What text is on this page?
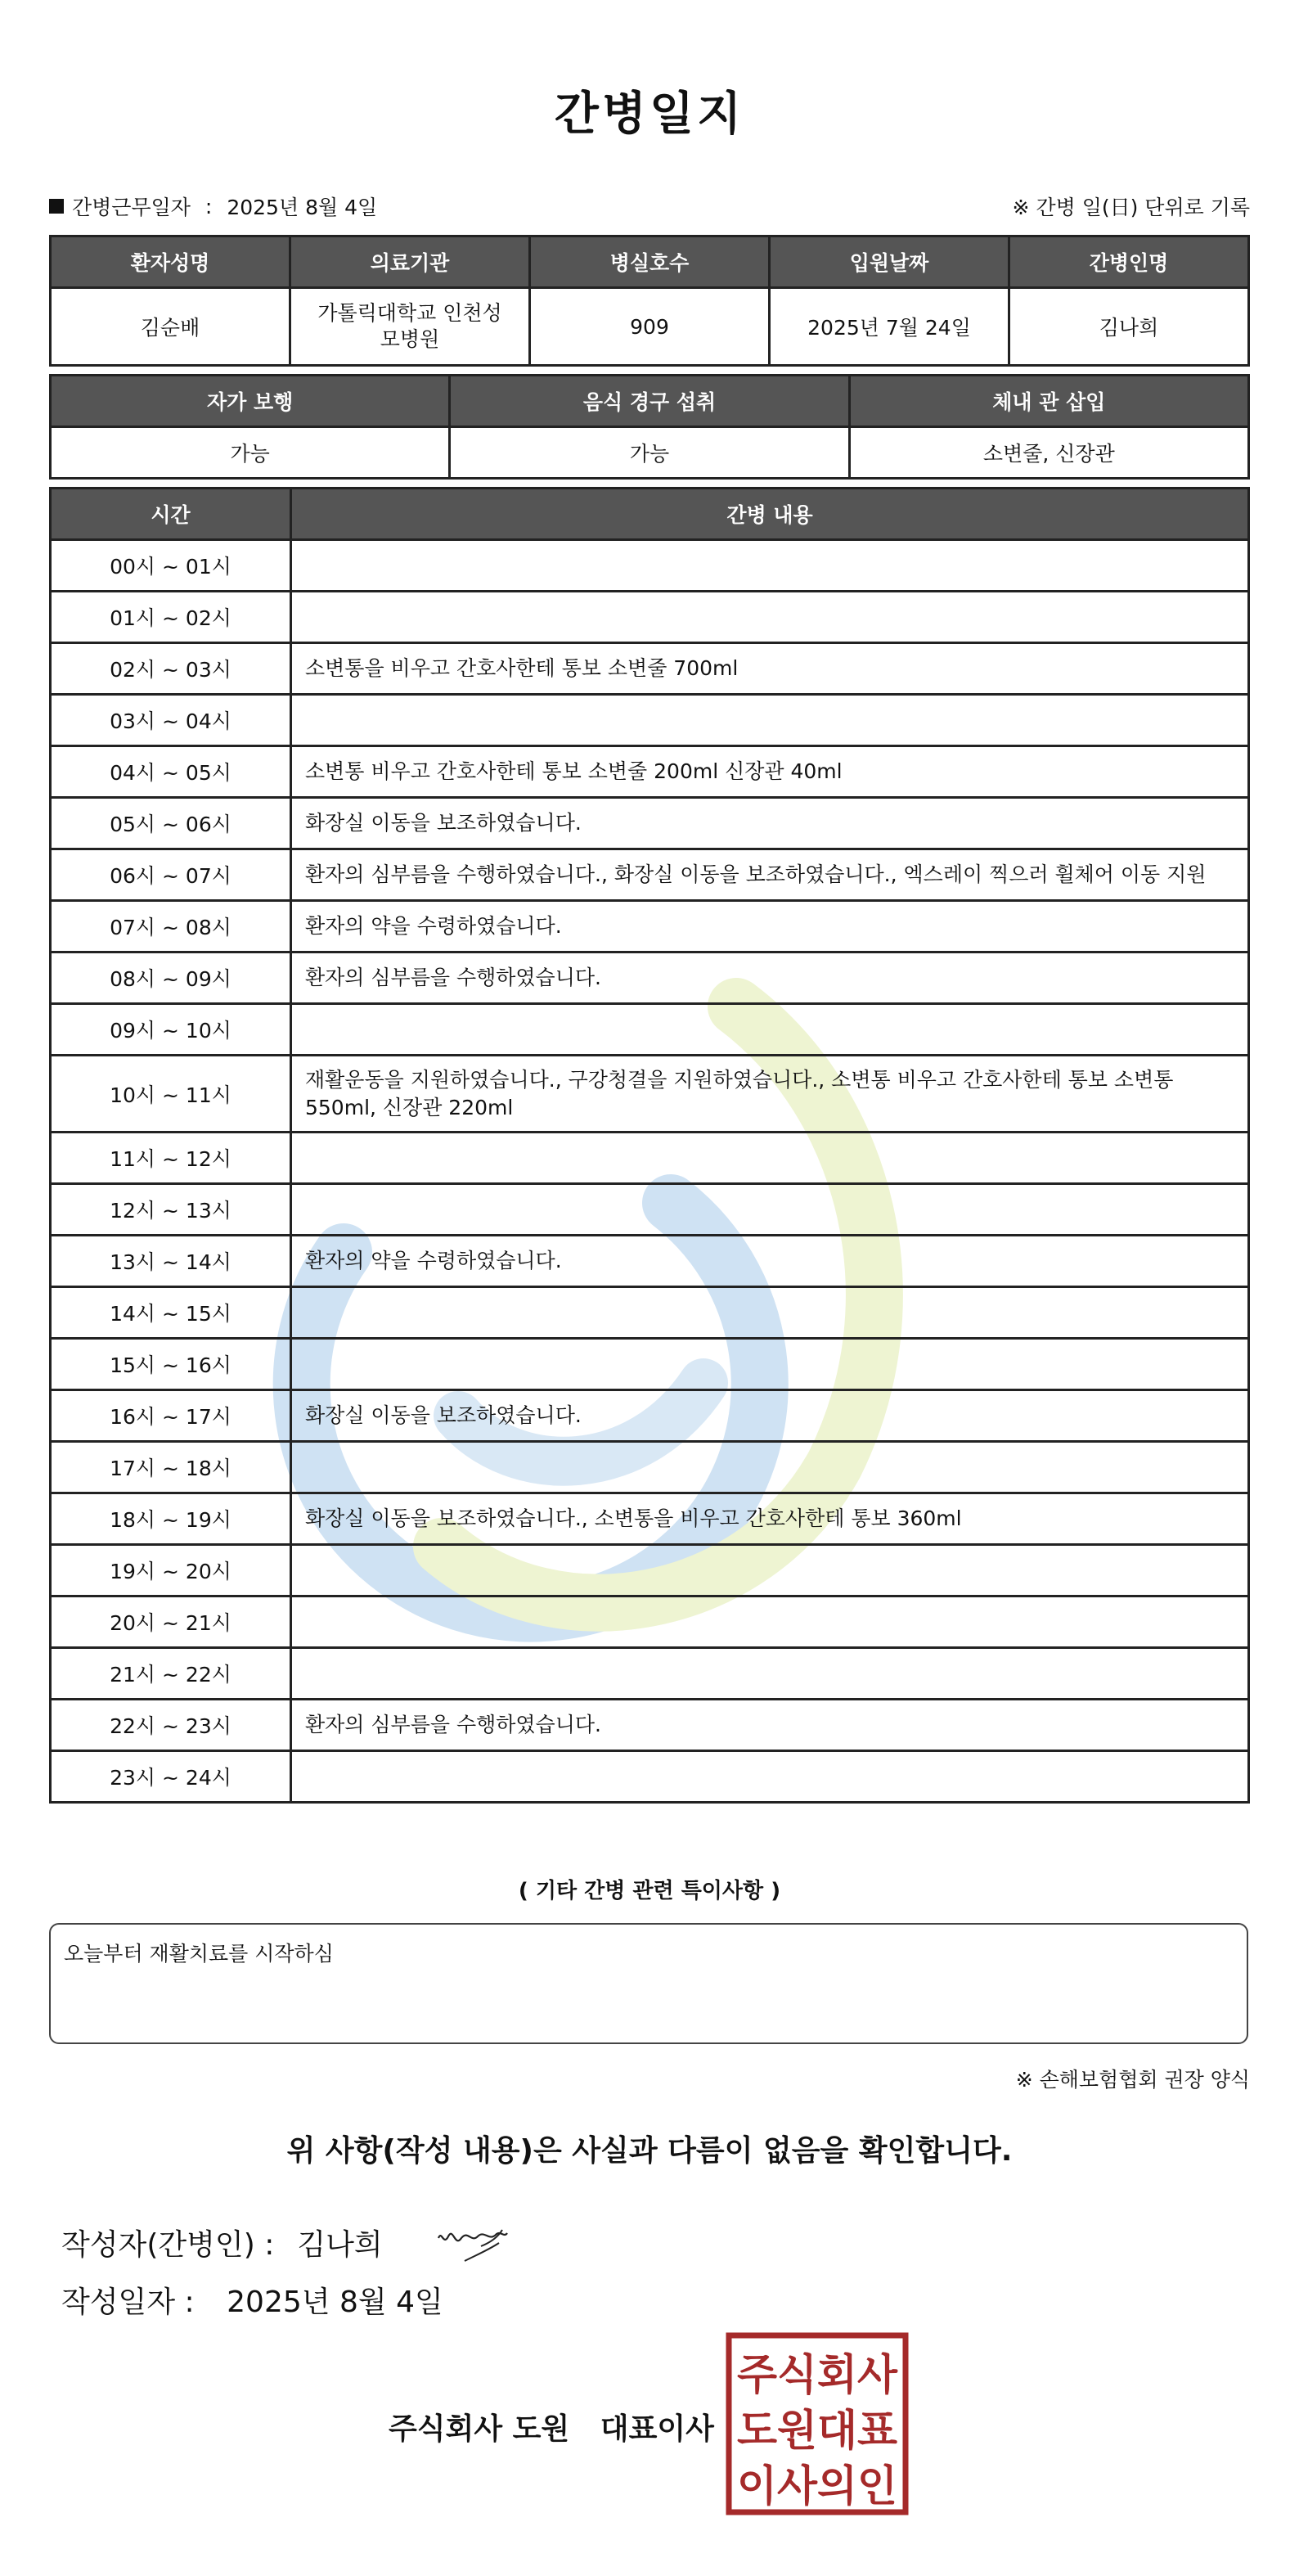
간병일지
간병근무일자 : 2025년 8월 4일	※ 간병 일(日) 단위로 기록
환자성명	의료기관	병실호수	입원날짜	간병인명
김순배	가톨릭대학교 인천성모병원	909	2025년 7월 24일	김나희
자가 보행	음식 경구 섭취	체내 관 삽입
가능	가능	소변줄, 신장관
시간	간병 내용
00시 ~ 01시	
01시 ~ 02시	
02시 ~ 03시	소변통을 비우고 간호사한테 통보 소변줄 700ml
03시 ~ 04시	
04시 ~ 05시	소변통 비우고 간호사한테 통보 소변줄 200ml 신장관 40ml
05시 ~ 06시	화장실 이동을 보조하였습니다.
06시 ~ 07시	환자의 심부름을 수행하였습니다., 화장실 이동을 보조하였습니다., 엑스레이 찍으러 휠체어 이동 지원
07시 ~ 08시	환자의 약을 수령하였습니다.
08시 ~ 09시	환자의 심부름을 수행하였습니다.
09시 ~ 10시	
10시 ~ 11시	재활운동을 지원하였습니다., 구강청결을 지원하였습니다., 소변통 비우고 간호사한테 통보 소변통 550ml, 신장관 220ml
11시 ~ 12시	
12시 ~ 13시	
13시 ~ 14시	환자의 약을 수령하였습니다.
14시 ~ 15시	
15시 ~ 16시	
16시 ~ 17시	화장실 이동을 보조하였습니다.
17시 ~ 18시	
18시 ~ 19시	화장실 이동을 보조하였습니다., 소변통을 비우고 간호사한테 통보 360ml
19시 ~ 20시	
20시 ~ 21시	
21시 ~ 22시	
22시 ~ 23시	환자의 심부름을 수행하였습니다.
23시 ~ 24시	
( 기타 간병 관련 특이사항 )
오늘부터 재활치료를 시작하심
※ 손해보험협회 권장 양식
위 사항(작성 내용)은 사실과 다름이 없음을 확인합니다.
작성자(간병인) : 김나희
작성일자 : 2025년 8월 4일
주식회사 도원   대표이사
주식회사
도원대표
이사의인
